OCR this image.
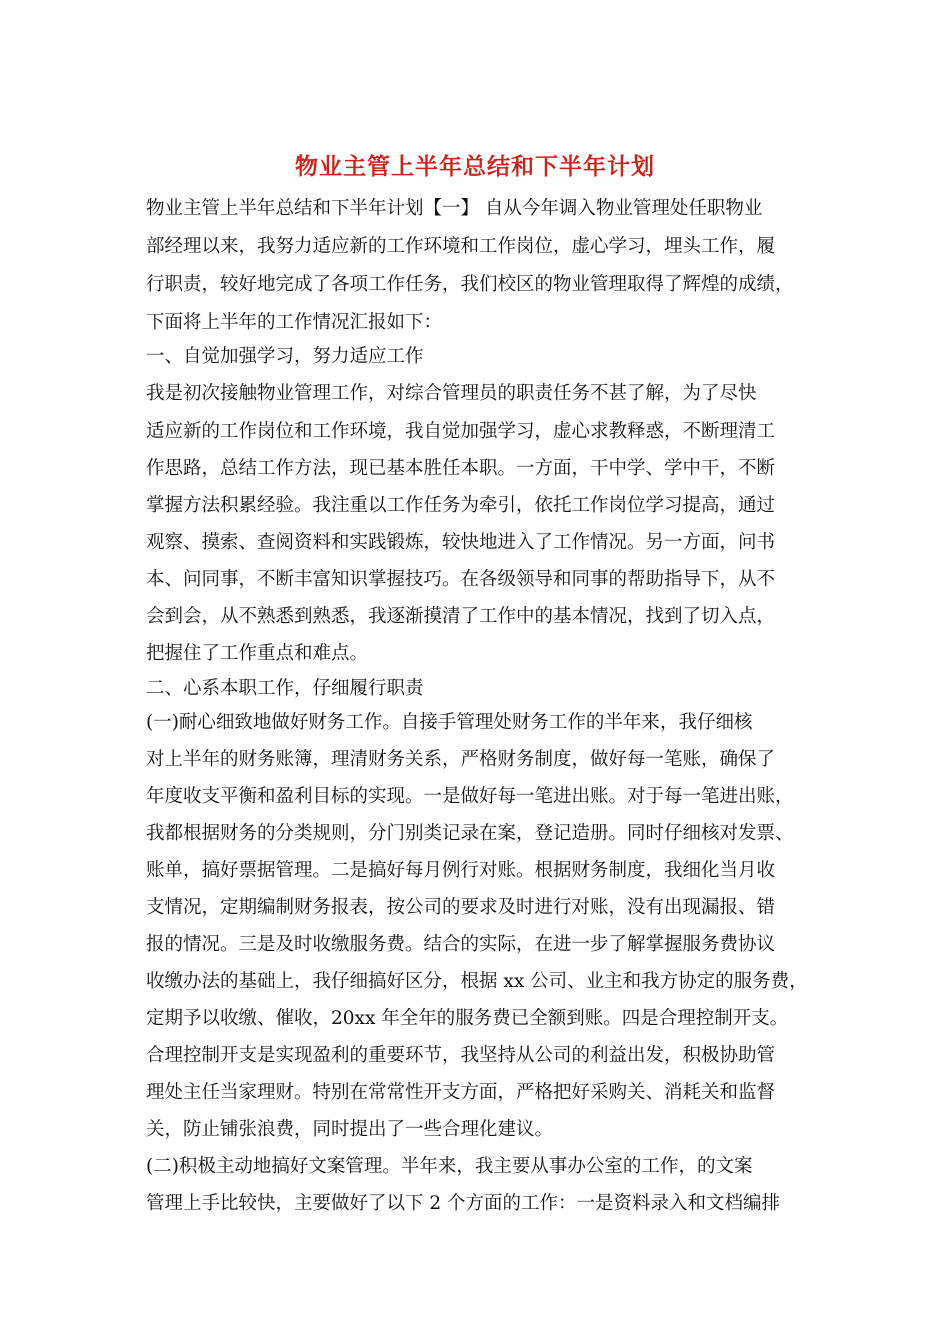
物业主管上半年总结和下半年计划
物业主管上半年总结和下半年计划【一】 自从今年调入物业管理处任职物业
部经理以来，我努力适应新的工作环境和工作岗位，虚心学习，埋头工作，履
行职责，较好地完成了各项工作任务，我们校区的物业管理取得了辉煌的成绩，
下面将上半年的工作情况汇报如下：
一、自觉加强学习，努力适应工作
我是初次接触物业管理工作，对综合管理员的职责任务不甚了解，为了尽快
适应新的工作岗位和工作环境，我自觉加强学习，虚心求教释惑，不断理清工
作思路，总结工作方法，现已基本胜任本职。一方面，干中学、学中干，不断
掌握方法积累经验。我注重以工作任务为牵引，依托工作岗位学习提高，通过
观察、摸索、查阅资料和实践锻炼，较快地进入了工作情况。另一方面，问书
本、问同事，不断丰富知识掌握技巧。在各级领导和同事的帮助指导下，从不
会到会，从不熟悉到熟悉，我逐渐摸清了工作中的基本情况，找到了切入点，
把握住了工作重点和难点。
二、心系本职工作，仔细履行职责
(一)耐心细致地做好财务工作。自接手管理处财务工作的半年来，我仔细核
对上半年的财务账簿，理清财务关系，严格财务制度，做好每一笔账，确保了
年度收支平衡和盈利目标的实现。一是做好每一笔进出账。对于每一笔进出账，
我都根据财务的分类规则，分门别类记录在案，登记造册。同时仔细核对发票、
账单，搞好票据管理。二是搞好每月例行对账。根据财务制度，我细化当月收
支情况，定期编制财务报表，按公司的要求及时进行对账，没有出现漏报、错
报的情况。三是及时收缴服务费。结合的实际，在进一步了解掌握服务费协议
收缴办法的基础上，我仔细搞好区分，根据 xx 公司、业主和我方协定的服务费，
定期予以收缴、催收，20xx 年全年的服务费已全额到账。四是合理控制开支。
合理控制开支是实现盈利的重要环节，我坚持从公司的利益出发，积极协助管
理处主任当家理财。特别在常常性开支方面，严格把好采购关、消耗关和监督
关，防止铺张浪费，同时提出了一些合理化建议。
(二)积极主动地搞好文案管理。半年来，我主要从事办公室的工作，的文案
管理上手比较快，主要做好了以下 2 个方面的工作：一是资料录入和文档编排
